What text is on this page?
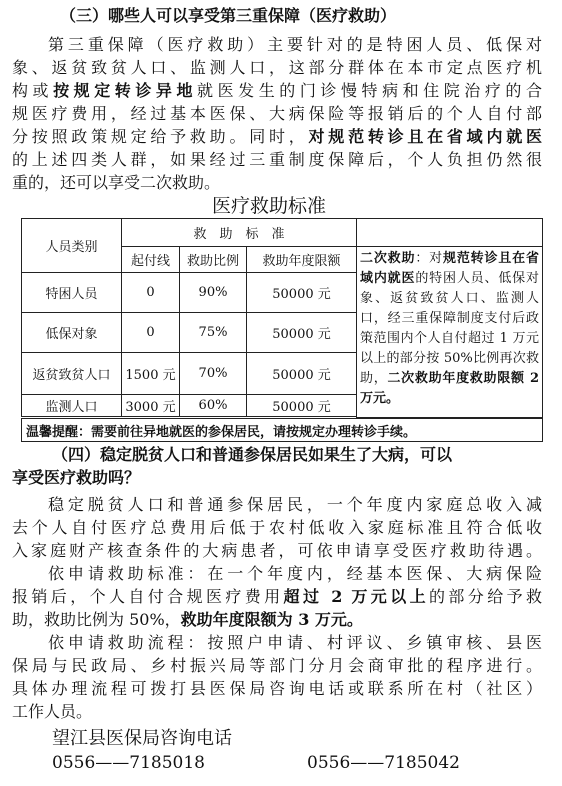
（三）哪些人可以享受第三重保障（医疗救助）
第三重保障（医疗救助）主要针对的是特困人员、低保对
象、返贫致贫人口、监测人口，这部分群体在本市定点医疗机
构或按规定转诊异地就医发生的门诊慢特病和住院治疗的合
规医疗费用，经过基本医保、大病保险等报销后的个人自付部
分按照政策规定给予救助。同时，对规范转诊且在省域内就医
的上述四类人群，如果经过三重制度保障后，个人负担仍然很
重的，还可以享受二次救助。
医疗救助标准
人员类别	救　助　标　准		
	起付线	救助比例	救助年度限额
特困人员	0	90%	50000 元
低保对象	0	75%	50000 元
返贫致贫人口	1500 元	70%	50000 元
监测人口	3000 元	60%	50000 元
二次救助：对规范转诊且在省域内就医的特困人员、低保对象、返贫致贫人口、监测人口，经三重保障制度支付后政策范围内个人自付超过 1 万元以上的部分按 50%比例再次救助，二次救助年度救助限额 2 万元。
温馨提醒：需要前往异地就医的参保居民，请按规定办理转诊手续。
（四）稳定脱贫人口和普通参保居民如果生了大病，可以
享受医疗救助吗？
稳定脱贫人口和普通参保居民，一个年度内家庭总收入减
去个人自付医疗总费用后低于农村低收入家庭标准且符合低收
入家庭财产核查条件的大病患者，可依申请享受医疗救助待遇。
依申请救助标准：在一个年度内，经基本医保、大病保险
报销后，个人自付合规医疗费用超过 2 万元以上的部分给予救
助，救助比例为 50%，救助年度限额为 3 万元。
依申请救助流程：按照户申请、村评议、乡镇审核、县医
保局与民政局、乡村振兴局等部门分月会商审批的程序进行。
具体办理流程可拨打县医保局咨询电话或联系所在村（社区）
工作人员。
望江县医保局咨询电话
0556——7185018	0556——7185042
